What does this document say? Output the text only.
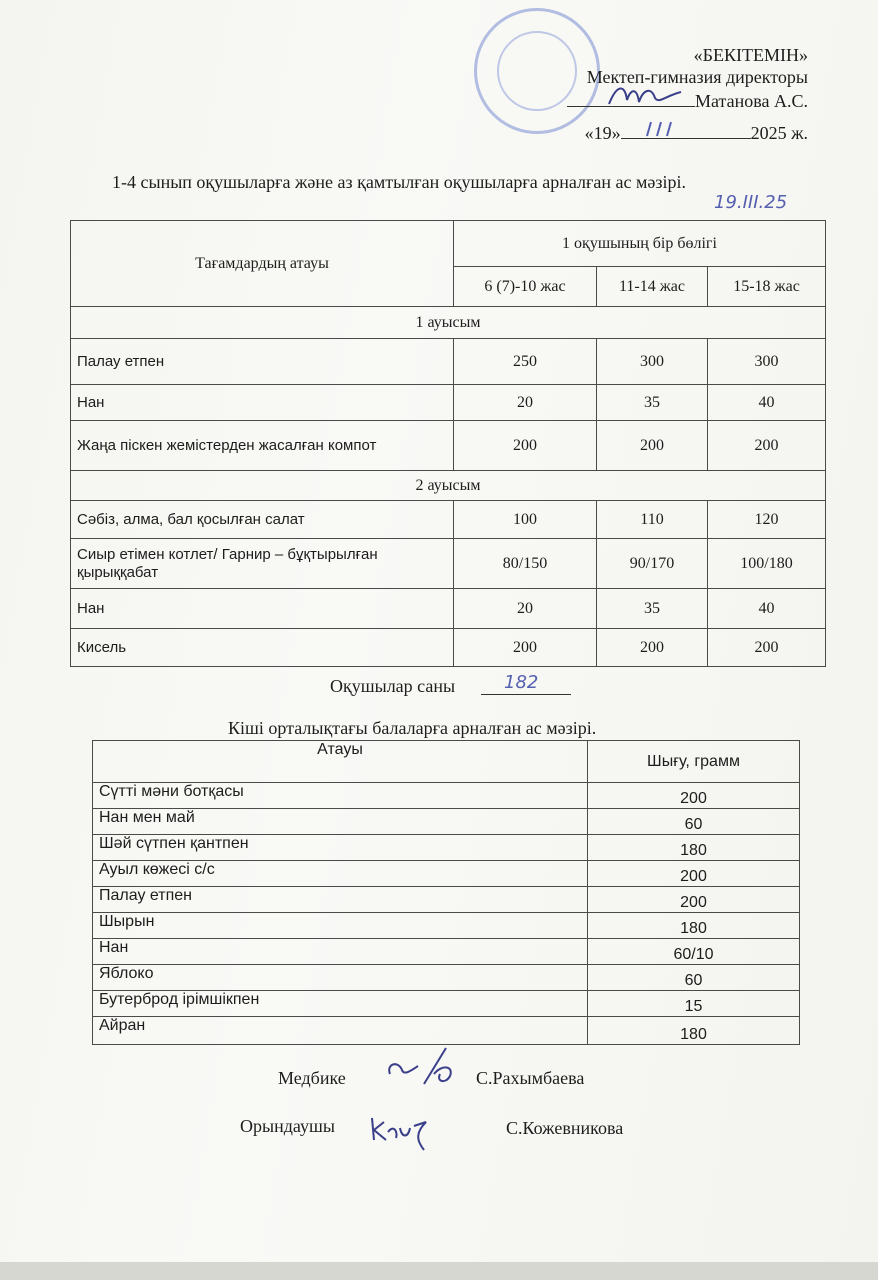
«БЕКІТЕМІН»
Мектеп-гимназия директоры
Матанова А.С.
«19»	2025 ж.
1-4 сынып оқушыларға және аз қамтылған оқушыларға арналған ас мәзірі.
19.III.25
Тағамдардың атауы	1 оқушының бір бөлігі		
	6 (7)-10 жас	11-14 жас	15-18 жас
1 ауысым			
Палау етпен	250	300	300
Нан	20	35	40
Жаңа піскен жемістерден жасалған компот	200	200	200
2 ауысым			
Сәбіз, алма, бал қосылған салат	100	110	120
Сиыр етімен котлет/ Гарнир – бұқтырылған қырыққабат	80/150	90/170	100/180
Нан	20	35	40
Кисель	200	200	200
Оқушылар саны	182
Кіші орталықтағы балаларға арналған ас мәзірі.
Атауы	Шығу, грамм
Сүтті мәни ботқасы	200
Нан мен май	60
Шәй сүтпен қантпен	180
Ауыл көжесі с/с	200
Палау етпен	200
Шырын	180
Нан	60/10
Яблоко	60
Бутерброд ірімшікпен	15
Айран	180
Медбике	С.Рахымбаева
Орындаушы	С.Кожевникова
